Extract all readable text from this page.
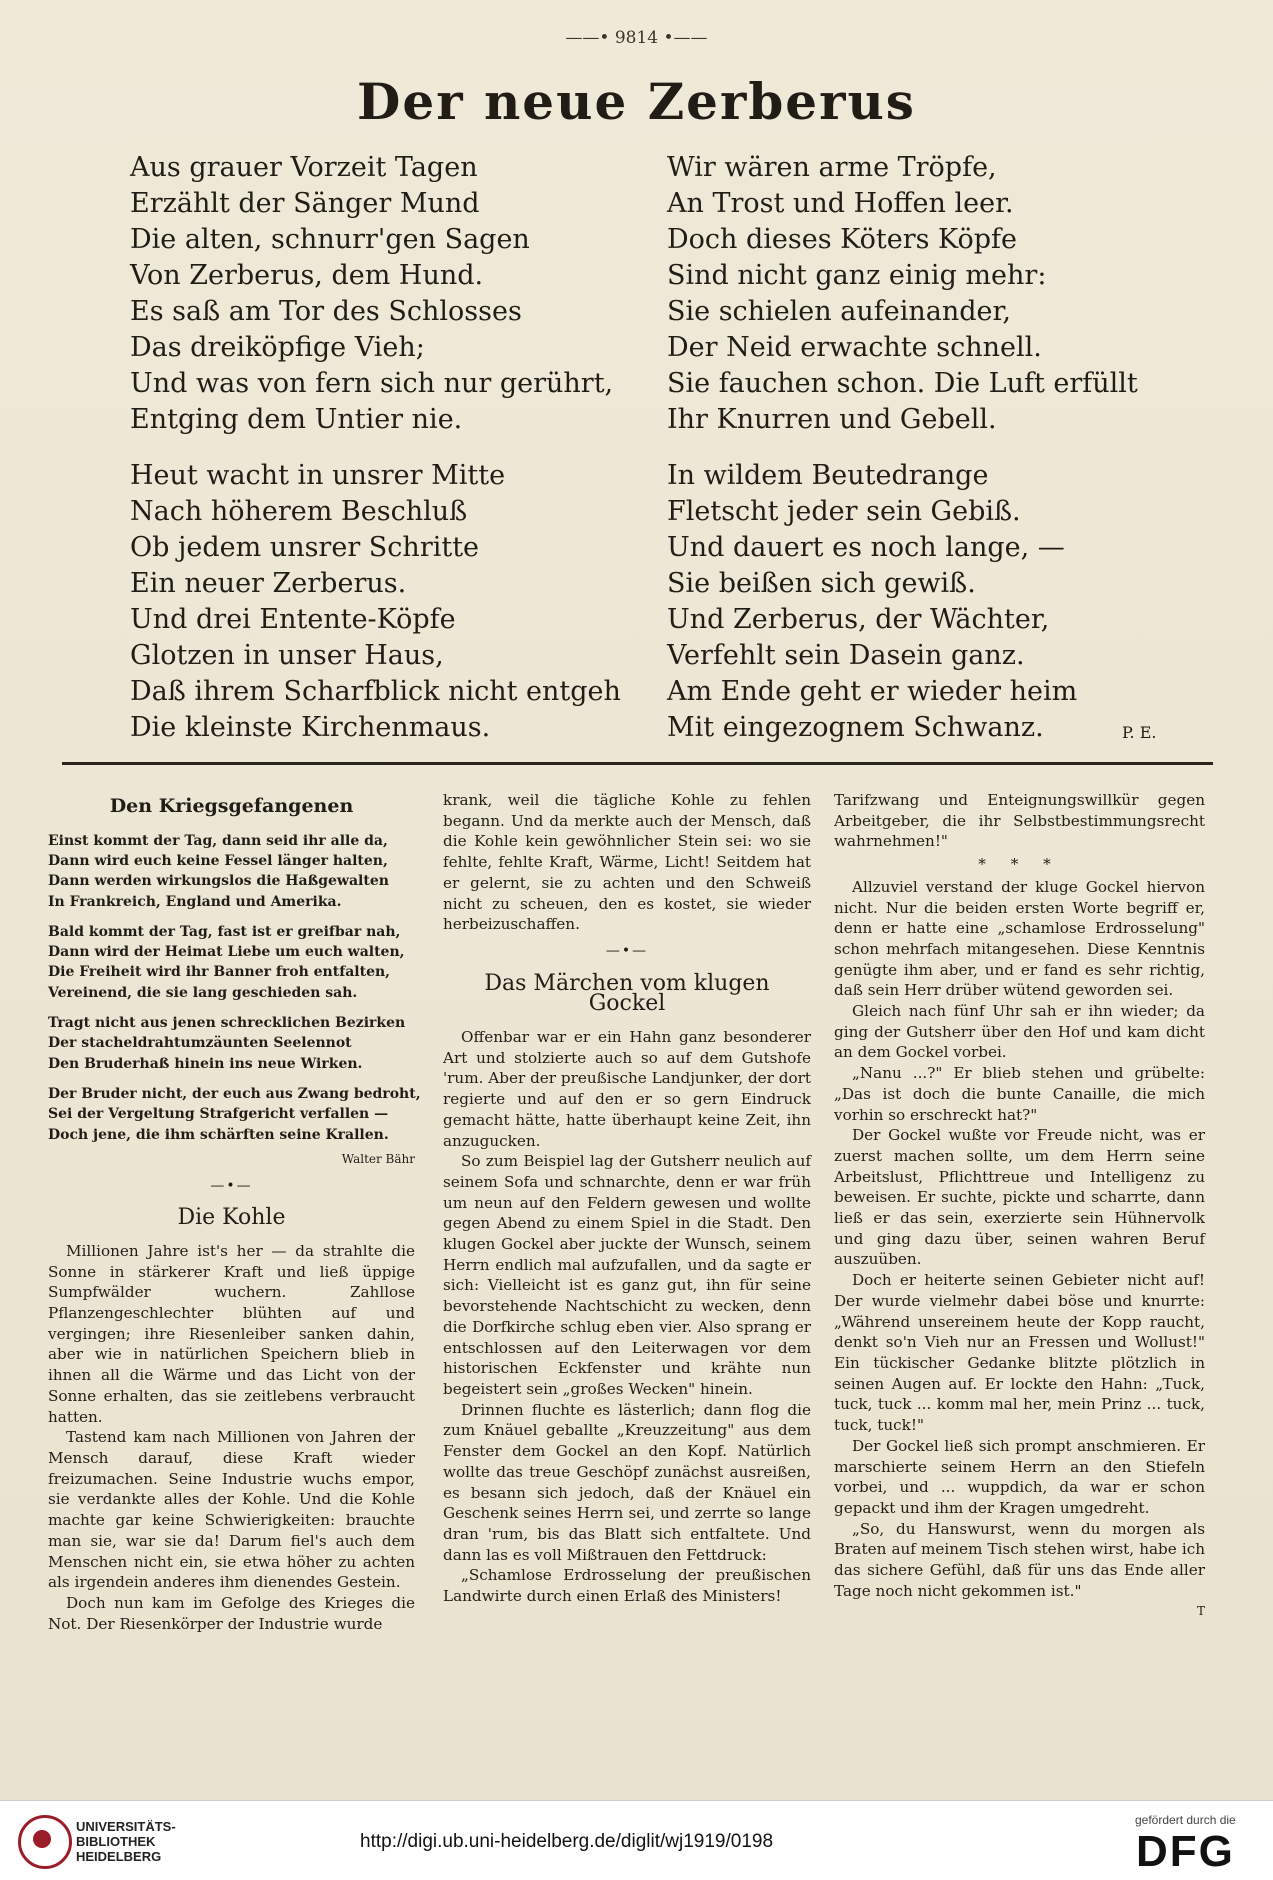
——• 9814 •——
Der neue Zerberus
Aus grauer Vorzeit Tagen
Erzählt der Sänger Mund
Die alten, schnurr'gen Sagen
Von Zerberus, dem Hund.
Es saß am Tor des Schlosses
Das dreiköpfige Vieh;
Und was von fern sich nur gerührt,
Entging dem Untier nie.
Heut wacht in unsrer Mitte
Nach höherem Beschluß
Ob jedem unsrer Schritte
Ein neuer Zerberus.
Und drei Entente-Köpfe
Glotzen in unser Haus,
Daß ihrem Scharfblick nicht entgeh
Die kleinste Kirchenmaus.
Wir wären arme Tröpfe,
An Trost und Hoffen leer.
Doch dieses Köters Köpfe
Sind nicht ganz einig mehr:
Sie schielen aufeinander,
Der Neid erwachte schnell.
Sie fauchen schon. Die Luft erfüllt
Ihr Knurren und Gebell.
In wildem Beutedrange
Fletscht jeder sein Gebiß.
Und dauert es noch lange, —
Sie beißen sich gewiß.
Und Zerberus, der Wächter,
Verfehlt sein Dasein ganz.
Am Ende geht er wieder heim
Mit eingezognem Schwanz.	P. E.
Den Kriegsgefangenen
Einst kommt der Tag, dann seid ihr alle da,
Dann wird euch keine Fessel länger halten,
Dann werden wirkungslos die Haßgewalten
In Frankreich, England und Amerika.
Bald kommt der Tag, fast ist er greifbar nah,
Dann wird der Heimat Liebe um euch walten,
Die Freiheit wird ihr Banner froh entfalten,
Vereinend, die sie lang geschieden sah.
Tragt nicht aus jenen schrecklichen Bezirken
Der stacheldrahtumzäunten Seelennot
Den Bruderhaß hinein ins neue Wirken.
Der Bruder nicht, der euch aus Zwang bedroht,
Sei der Vergeltung Strafgericht verfallen —
Doch jene, die ihm schärften seine Krallen.
Walter Bähr
—•—
Die Kohle

Millionen Jahre ist's her — da strahlte die Sonne in stärkerer Kraft und ließ üppige Sumpfwälder wuchern. Zahllose Pflanzengeschlechter blühten auf und vergingen; ihre Riesenleiber sanken dahin, aber wie in natürlichen Speichern blieb in ihnen all die Wärme und das Licht von der Sonne erhalten, das sie zeitlebens verbraucht hatten.

Tastend kam nach Millionen von Jahren der Mensch darauf, diese Kraft wieder freizumachen. Seine Industrie wuchs empor, sie verdankte alles der Kohle. Und die Kohle machte gar keine Schwierigkeiten: brauchte man sie, war sie da! Darum fiel's auch dem Menschen nicht ein, sie etwa höher zu achten als irgendein anderes ihm dienendes Gestein.

Doch nun kam im Gefolge des Krieges die Not. Der Riesenkörper der Industrie wurde

krank, weil die tägliche Kohle zu fehlen begann. Und da merkte auch der Mensch, daß die Kohle kein gewöhnlicher Stein sei: wo sie fehlte, fehlte Kraft, Wärme, Licht! Seitdem hat er gelernt, sie zu achten und den Schweiß nicht zu scheuen, den es kostet, sie wieder herbeizuschaffen.

—•—
Das Märchen vom klugen Gockel

Offenbar war er ein Hahn ganz besonderer Art und stolzierte auch so auf dem Gutshofe 'rum. Aber der preußische Landjunker, der dort regierte und auf den er so gern Eindruck gemacht hätte, hatte überhaupt keine Zeit, ihn anzugucken.

So zum Beispiel lag der Gutsherr neulich auf seinem Sofa und schnarchte, denn er war früh um neun auf den Feldern gewesen und wollte gegen Abend zu einem Spiel in die Stadt. Den klugen Gockel aber juckte der Wunsch, seinem Herrn endlich mal aufzufallen, und da sagte er sich: Vielleicht ist es ganz gut, ihn für seine bevorstehende Nachtschicht zu wecken, denn die Dorfkirche schlug eben vier. Also sprang er entschlossen auf den Leiterwagen vor dem historischen Eckfenster und krähte nun begeistert sein „großes Wecken" hinein.

Drinnen fluchte es lästerlich; dann flog die zum Knäuel geballte „Kreuzzeitung" aus dem Fenster dem Gockel an den Kopf. Natürlich wollte das treue Geschöpf zunächst ausreißen, es besann sich jedoch, daß der Knäuel ein Geschenk seines Herrn sei, und zerrte so lange dran 'rum, bis das Blatt sich entfaltete. Und dann las es voll Mißtrauen den Fettdruck:

„Schamlose Erdrosselung der preußischen Landwirte durch einen Erlaß des Ministers!

Tarifzwang und Enteignungswillkür gegen Arbeitgeber, die ihr Selbstbestimmungsrecht wahrnehmen!"

* * *

Allzuviel verstand der kluge Gockel hiervon nicht. Nur die beiden ersten Worte begriff er, denn er hatte eine „schamlose Erdrosselung" schon mehrfach mitangesehen. Diese Kenntnis genügte ihm aber, und er fand es sehr richtig, daß sein Herr drüber wütend geworden sei.

Gleich nach fünf Uhr sah er ihn wieder; da ging der Gutsherr über den Hof und kam dicht an dem Gockel vorbei.

„Nanu ...?" Er blieb stehen und grübelte: „Das ist doch die bunte Canaille, die mich vorhin so erschreckt hat?"

Der Gockel wußte vor Freude nicht, was er zuerst machen sollte, um dem Herrn seine Arbeitslust, Pflichttreue und Intelligenz zu beweisen. Er suchte, pickte und scharrte, dann ließ er das sein, exerzierte sein Hühnervolk und ging dazu über, seinen wahren Beruf auszuüben.

Doch er heiterte seinen Gebieter nicht auf! Der wurde vielmehr dabei böse und knurrte: „Während unsereinem heute der Kopp raucht, denkt so'n Vieh nur an Fressen und Wollust!" Ein tückischer Gedanke blitzte plötzlich in seinen Augen auf. Er lockte den Hahn: „Tuck, tuck, tuck ... komm mal her, mein Prinz ... tuck, tuck, tuck!"

Der Gockel ließ sich prompt anschmieren. Er marschierte seinem Herrn an den Stiefeln vorbei, und ... wuppdich, da war er schon gepackt und ihm der Kragen umgedreht.

„So, du Hanswurst, wenn du morgen als Braten auf meinem Tisch stehen wirst, habe ich das sichere Gefühl, daß für uns das Ende aller Tage noch nicht gekommen ist."

T
UNIVERSITÄTS-
BIBLIOTHEK
HEIDELBERG
http://digi.ub.uni-heidelberg.de/diglit/wj1919/0198
gefördert durch die
DFG
